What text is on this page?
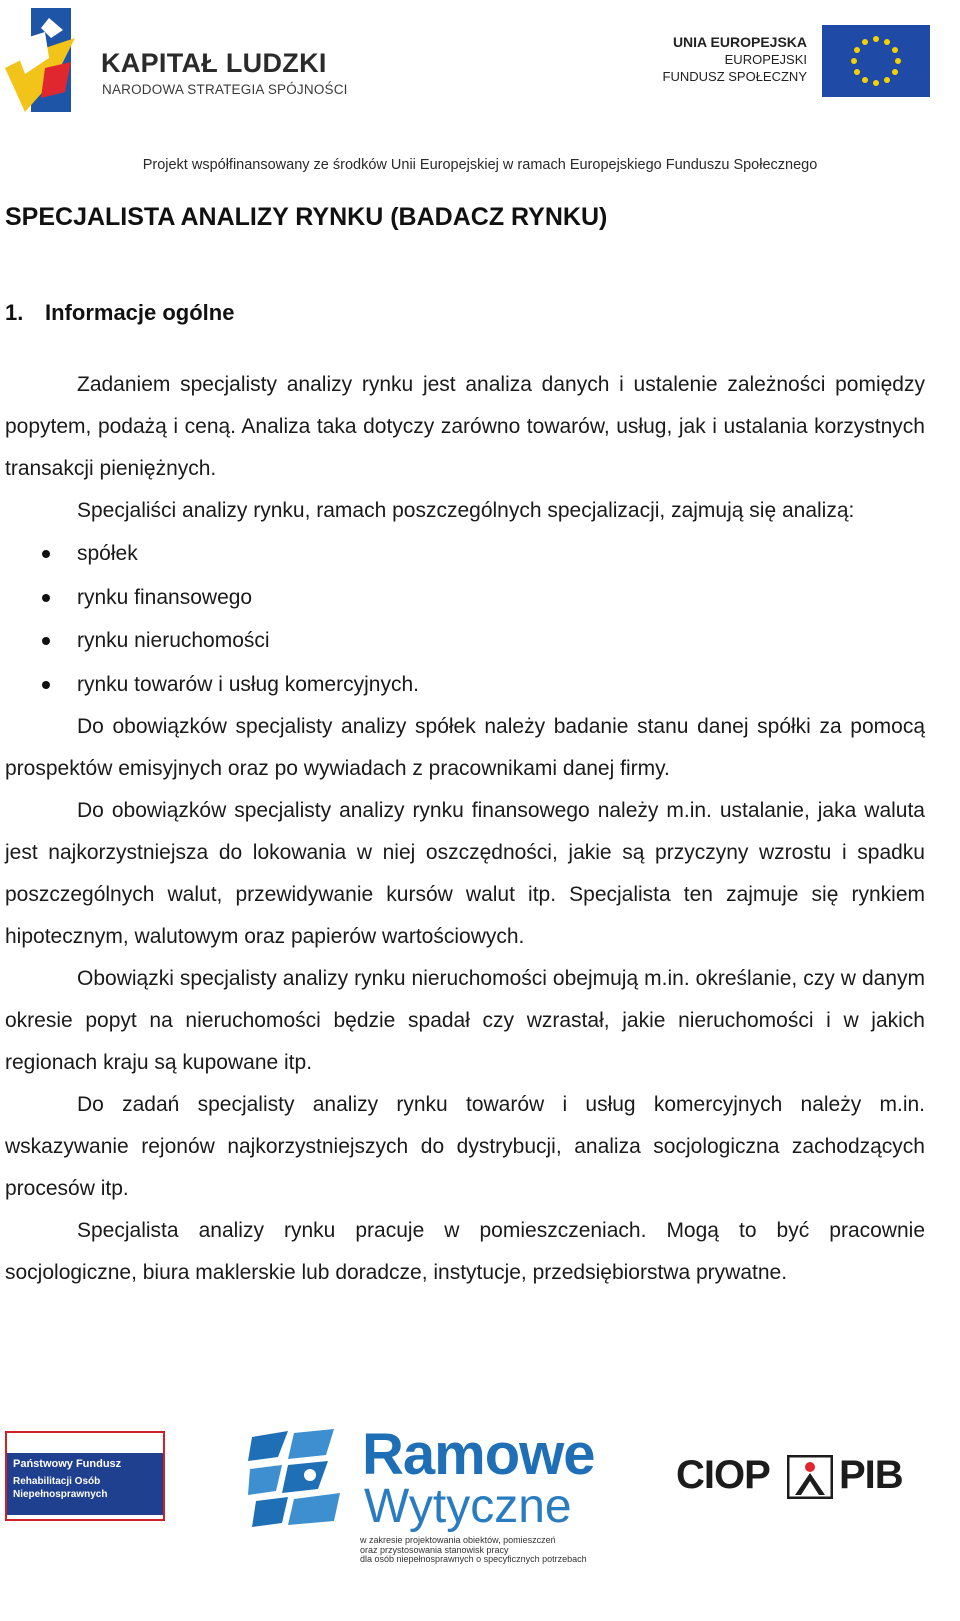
KAPITAŁ LUDZKI
NARODOWA STRATEGIA SPÓJNOŚCI
UNIA EUROPEJSKA
EUROPEJSKI
FUNDUSZ SPOŁECZNY
Projekt współfinansowany ze środków Unii Europejskiej w ramach Europejskiego Funduszu Społecznego
SPECJALISTA ANALIZY RYNKU (BADACZ RYNKU)
1. Informacje ogólne

Zadaniem specjalisty analizy rynku jest analiza danych i ustalenie zależności pomiędzy popytem, podażą i ceną. Analiza taka dotyczy zarówno towarów, usług, jak i ustalania korzystnych transakcji pieniężnych.

Specjaliści analizy rynku, ramach poszczególnych specjalizacji, zajmują się analizą:

spółek
rynku finansowego
rynku nieruchomości
rynku towarów i usług komercyjnych.

Do obowiązków specjalisty analizy spółek należy badanie stanu danej spółki za pomocą prospektów emisyjnych oraz po wywiadach z pracownikami danej firmy.

Do obowiązków specjalisty analizy rynku finansowego należy m.in. ustalanie, jaka waluta jest najkorzystniejsza do lokowania w niej oszczędności, jakie są przyczyny wzrostu i spadku poszczególnych walut, przewidywanie kursów walut itp. Specjalista ten zajmuje się rynkiem hipotecznym, walutowym oraz papierów wartościowych.

Obowiązki specjalisty analizy rynku nieruchomości obejmują m.in. określanie, czy w danym okresie popyt na nieruchomości będzie spadał czy wzrastał, jakie nieruchomości i w jakich regionach kraju są kupowane itp.

Do zadań specjalisty analizy rynku towarów i usług komercyjnych należy m.in. wskazywanie rejonów najkorzystniejszych do dystrybucji, analiza socjologiczna zachodzących procesów itp.

Specjalista analizy rynku pracuje w pomieszczeniach. Mogą to być pracownie socjologiczne, biura maklerskie lub doradcze, instytucje, przedsiębiorstwa prywatne.

Państwowy Fundusz
Rehabilitacji Osób
Niepełnosprawnych
Ramowe
Wytyczne
w zakresie projektowania obiektów, pomieszczeń
oraz przystosowania stanowisk pracy
dla osób niepełnosprawnych o specyficznych potrzebach
CIOP PIB
